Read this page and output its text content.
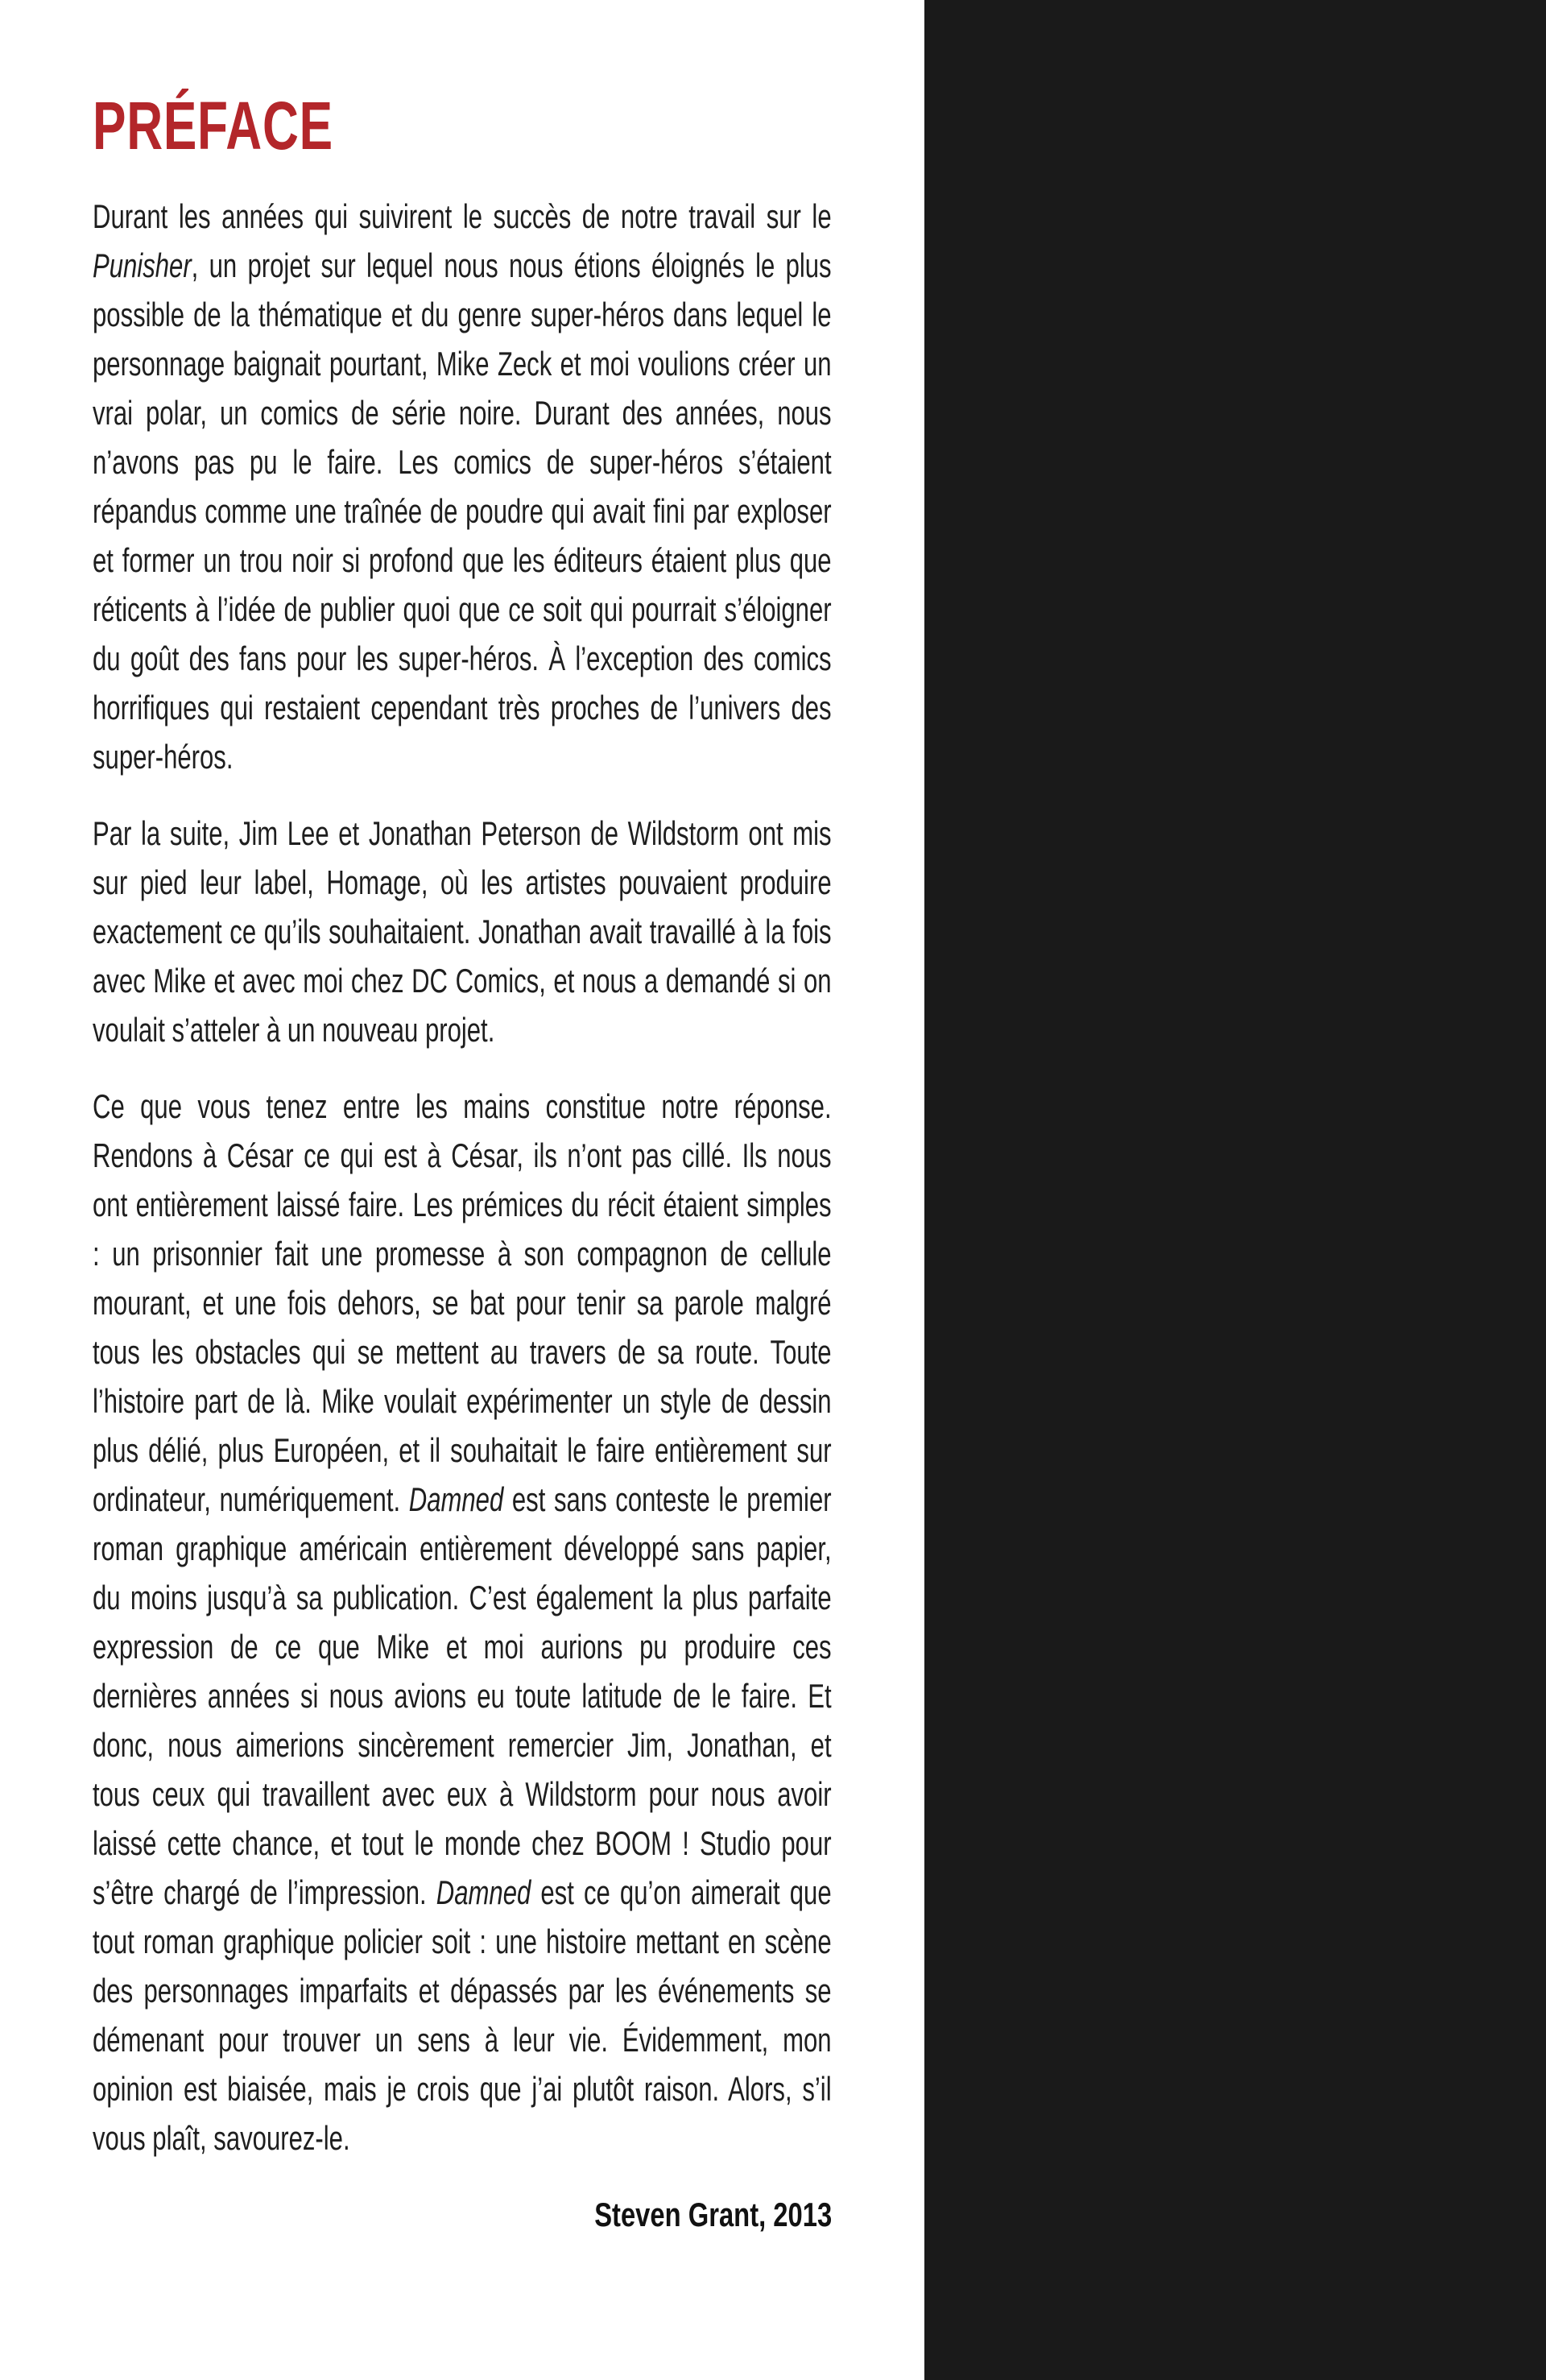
PRÉFACE

Durant les années qui suivirent le succès de notre travail sur le Punisher, un projet sur lequel nous nous étions éloignés le plus possible de la thématique et du genre super-héros dans lequel le personnage baignait pourtant, Mike Zeck et moi voulions créer un vrai polar, un comics de série noire. Durant des années, nous n’avons pas pu le faire. Les comics de super-héros s’étaient répandus comme une traînée de poudre qui avait fini par exploser et former un trou noir si profond que les éditeurs étaient plus que réticents à l’idée de publier quoi que ce soit qui pourrait s’éloigner du goût des fans pour les super-héros. À l’exception des comics horrifiques qui restaient cependant très proches de l’univers des super-héros.

Par la suite, Jim Lee et Jonathan Peterson de Wildstorm ont mis sur pied leur label, Homage, où les artistes pouvaient produire exactement ce qu’ils souhaitaient. Jonathan avait travaillé à la fois avec Mike et avec moi chez DC Comics, et nous a demandé si on voulait s’atteler à un nouveau projet.

Ce que vous tenez entre les mains constitue notre réponse. Rendons à César ce qui est à César, ils n’ont pas cillé. Ils nous ont entièrement laissé faire. Les prémices du récit étaient simples : un prisonnier fait une promesse à son compagnon de cellule mourant, et une fois dehors, se bat pour tenir sa parole malgré tous les obstacles qui se mettent au travers de sa route. Toute l’histoire part de là. Mike voulait expérimenter un style de dessin plus délié, plus Européen, et il souhaitait le faire entièrement sur ordinateur, numériquement. Damned est sans conteste le premier roman graphique américain entièrement développé sans papier, du moins jusqu’à sa publication. C’est également la plus parfaite expression de ce que Mike et moi aurions pu produire ces dernières années si nous avions eu toute latitude de le faire. Et donc, nous aimerions sincèrement remercier Jim, Jonathan, et tous ceux qui travaillent avec eux à Wildstorm pour nous avoir laissé cette chance, et tout le monde chez BOOM ! Studio pour s’être chargé de l’impression. Damned est ce qu’on aimerait que tout roman graphique policier soit : une histoire mettant en scène des personnages imparfaits et dépassés par les événements se démenant pour trouver un sens à leur vie. Évidemment, mon opinion est biaisée, mais je crois que j’ai plutôt raison. Alors, s’il vous plaît, savourez-le.

Steven Grant, 2013
